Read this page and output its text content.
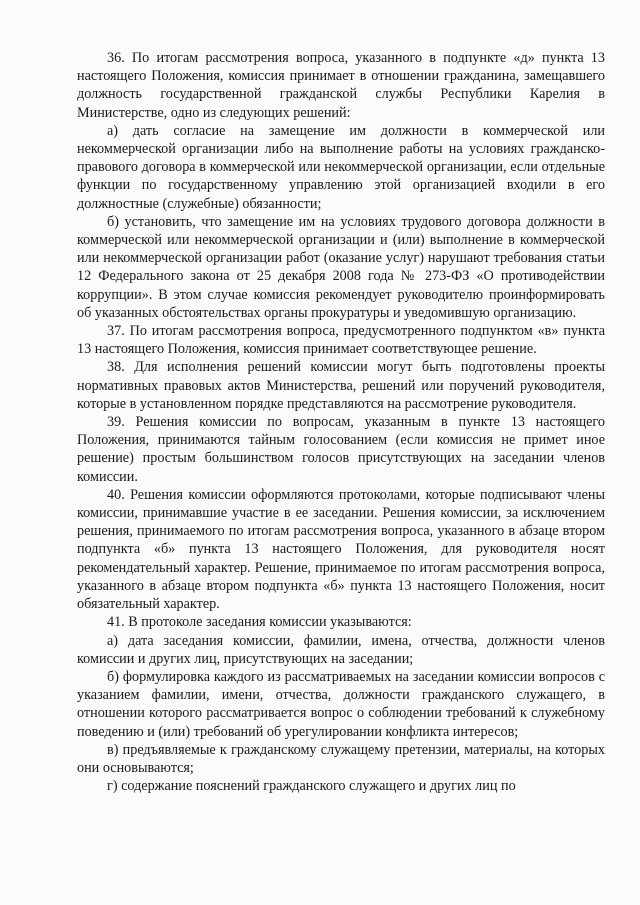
36. По итогам рассмотрения вопроса, указанного в подпункте «д» пункта 13 настоящего Положения, комиссия принимает в отношении гражданина, замещавшего должность государственной гражданской службы Республики Карелия в Министерстве, одно из следующих решений:

а) дать согласие на замещение им должности в коммерческой или некоммерческой организации либо на выполнение работы на условиях гражданско-правового договора в коммерческой или некоммерческой организации, если отдельные функции по государственному управлению этой организацией входили в его должностные (служебные) обязанности;

б) установить, что замещение им на условиях трудового договора должности в коммерческой или некоммерческой организации и (или) выполнение в коммерческой или некоммерческой организации работ (оказание услуг) нарушают требования статьи 12 Федерального закона от 25 декабря 2008 года № 273-ФЗ «О противодействии коррупции». В этом случае комиссия рекомендует руководителю проинформировать об указанных обстоятельствах органы прокуратуры и уведомившую организацию.

37. По итогам рассмотрения вопроса, предусмотренного подпунктом «в» пункта 13 настоящего Положения, комиссия принимает соответствующее решение.

38. Для исполнения решений комиссии могут быть подготовлены проекты нормативных правовых актов Министерства, решений или поручений руководителя, которые в установленном порядке представляются на рассмотрение руководителя.

39. Решения комиссии по вопросам, указанным в пункте 13 настоящего Положения, принимаются тайным голосованием (если комиссия не примет иное решение) простым большинством голосов присутствующих на заседании членов комиссии.

40. Решения комиссии оформляются протоколами, которые подписывают члены комиссии, принимавшие участие в ее заседании. Решения комиссии, за исключением решения, принимаемого по итогам рассмотрения вопроса, указанного в абзаце втором подпункта «б» пункта 13 настоящего Положения, для руководителя носят рекомендательный характер. Решение, принимаемое по итогам рассмотрения вопроса, указанного в абзаце втором подпункта «б» пункта 13 настоящего Положения, носит обязательный характер.

41. В протоколе заседания комиссии указываются:

а) дата заседания комиссии, фамилии, имена, отчества, должности членов комиссии и других лиц, присутствующих на заседании;

б) формулировка каждого из рассматриваемых на заседании комиссии вопросов с указанием фамилии, имени, отчества, должности гражданского служащего, в отношении которого рассматривается вопрос о соблюдении требований к служебному поведению и (или) требований об урегулировании конфликта интересов;

в) предъявляемые к гражданскому служащему претензии, материалы, на которых они основываются;

г) содержание пояснений гражданского служащего и других лиц по
